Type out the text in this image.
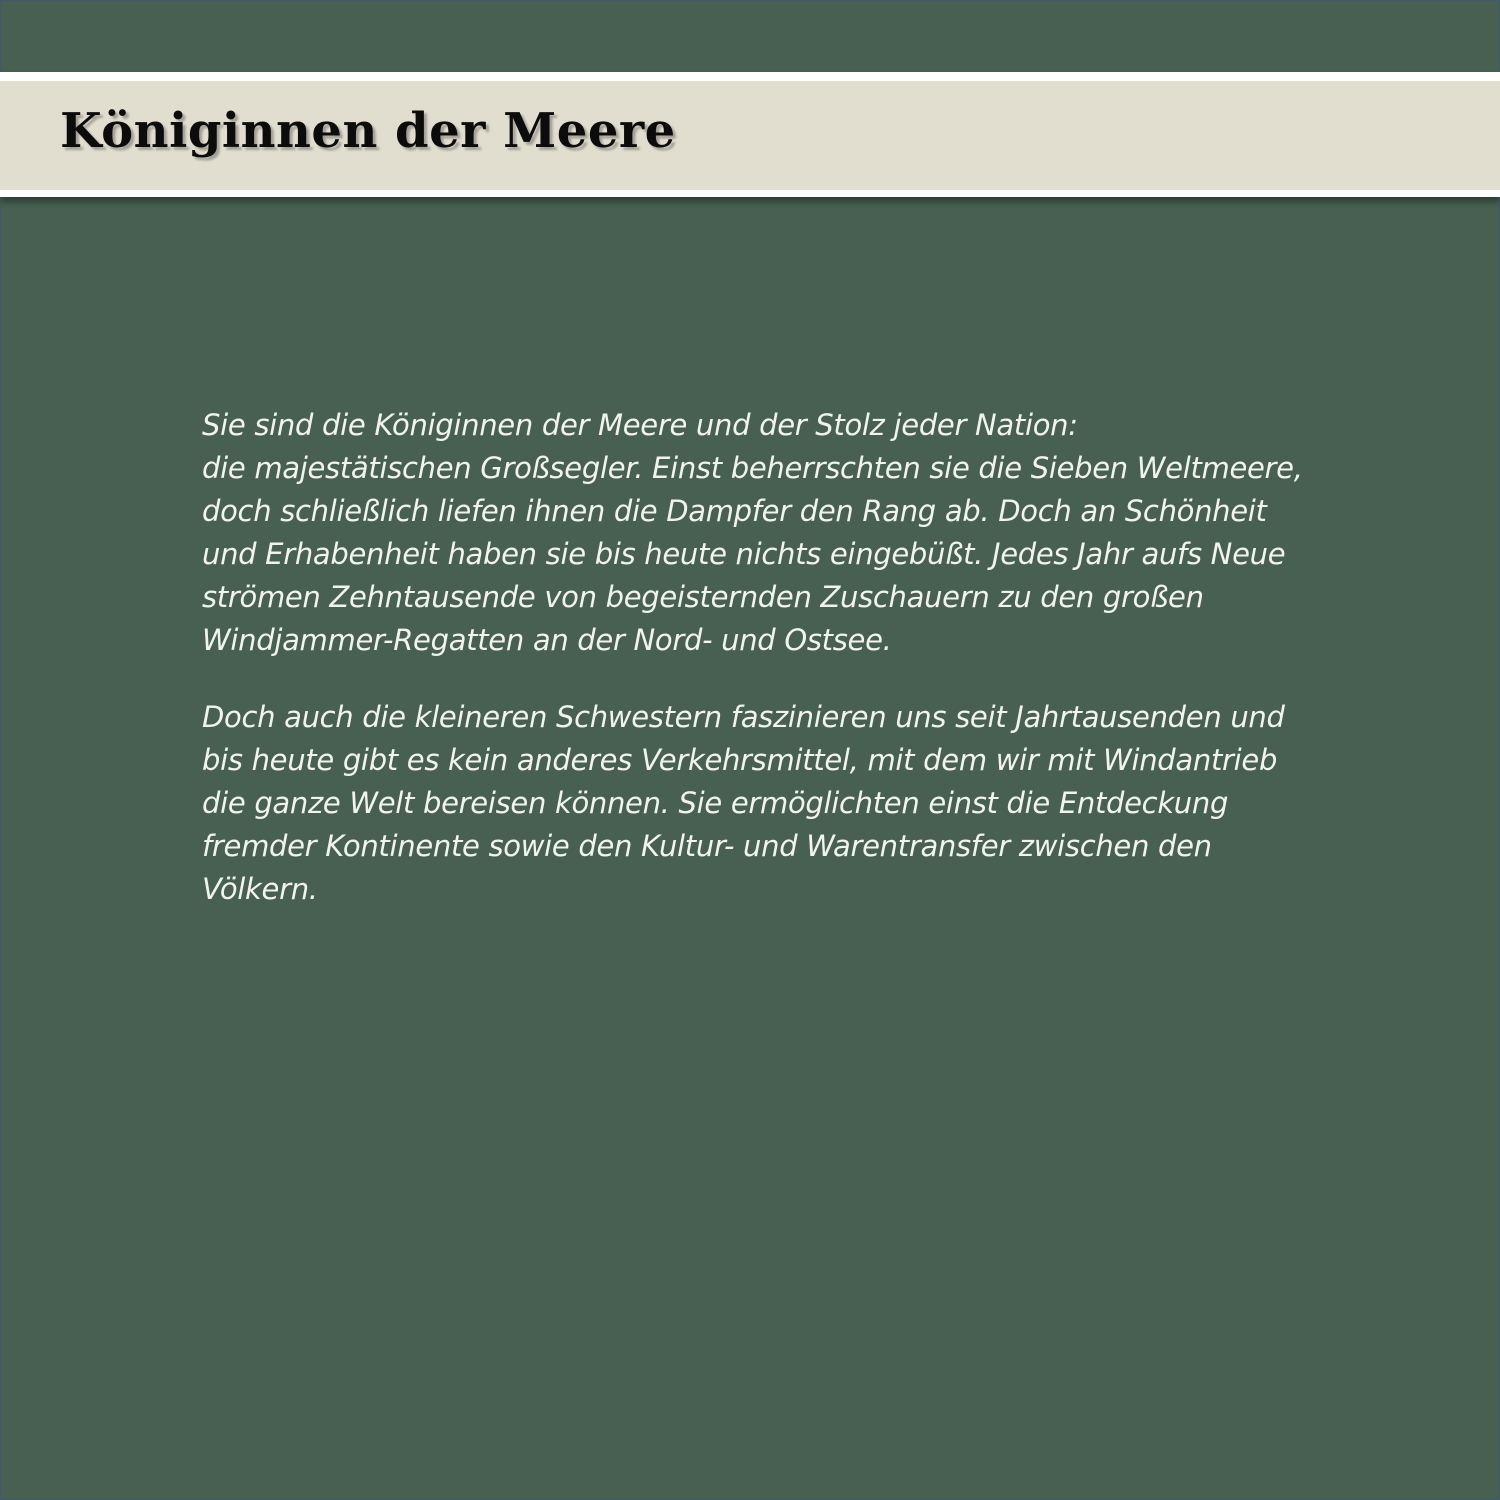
Königinnen der Meere

Sie sind die Königinnen der Meere und der Stolz jeder Nation:
die majestätischen Großsegler. Einst beherrschten sie die Sieben Weltmeere,
doch schließlich liefen ihnen die Dampfer den Rang ab. Doch an Schönheit
und Erhabenheit haben sie bis heute nichts eingebüßt. Jedes Jahr aufs Neue
strömen Zehntausende von begeisternden Zuschauern zu den großen
Windjammer-Regatten an der Nord- und Ostsee.

Doch auch die kleineren Schwestern faszinieren uns seit Jahrtausenden und
bis heute gibt es kein anderes Verkehrsmittel, mit dem wir mit Windantrieb
die ganze Welt bereisen können. Sie ermöglichten einst die Entdeckung
fremder Kontinente sowie den Kultur- und Warentransfer zwischen den
Völkern.
